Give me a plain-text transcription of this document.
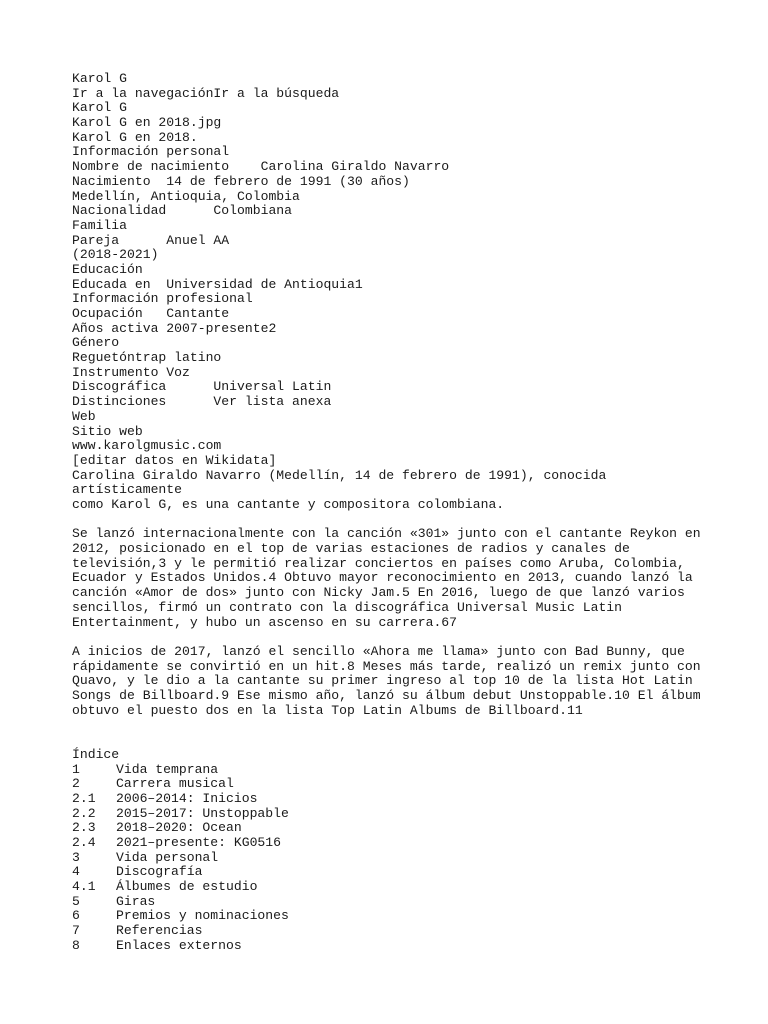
Karol G
Ir a la navegaciónIr a la búsqueda
Karol G
Karol G en 2018.jpg
Karol G en 2018.
Información personal
Nombre de nacimiento    Carolina Giraldo Navarro
Nacimiento  14 de febrero de 1991 (30 años)
Medellín, Antioquia, Colombia
Nacionalidad      Colombiana
Familia
Pareja      Anuel AA
(2018-2021)
Educación
Educada en  Universidad de Antioquia1
Información profesional
Ocupación   Cantante
Años activa 2007-presente2
Género
Reguetóntrap latino
Instrumento Voz
Discográfica      Universal Latin
Distinciones      Ver lista anexa
Web
Sitio web
www.karolgmusic.com
[editar datos en Wikidata]
Carolina Giraldo Navarro (Medellín, 14 de febrero de 1991), conocida artísticamente
como Karol G, es una cantante y compositora colombiana.
Se lanzó internacionalmente con la canción «301» junto con el cantante Reykon en
2012, posicionado en el top de varias estaciones de radios y canales de
televisión,3 y le permitió realizar conciertos en países como Aruba, Colombia,
Ecuador y Estados Unidos.4 Obtuvo mayor reconocimiento en 2013, cuando lanzó la
canción «Amor de dos» junto con Nicky Jam.5 En 2016, luego de que lanzó varios
sencillos, firmó un contrato con la discográfica Universal Music Latin
Entertainment, y hubo un ascenso en su carrera.67
A inicios de 2017, lanzó el sencillo «Ahora me llama» junto con Bad Bunny, que
rápidamente se convirtió en un hit.8 Meses más tarde, realizó un remix junto con
Quavo, y le dio a la cantante su primer ingreso al top 10 de la lista Hot Latin
Songs de Billboard.9 Ese mismo año, lanzó su álbum debut Unstoppable.10 El álbum
obtuvo el puesto dos en la lista Top Latin Albums de Billboard.11
Índice
1	Vida temprana
2	Carrera musical
2.1 2006–2014: Inicios
2.2 2015–2017: Unstoppable
2.3 2018–2020: Ocean
2.4 2021–presente: KG0516
3	Vida personal
4	Discografía
4.1 Álbumes de estudio
5	Giras
6	Premios y nominaciones
7	Referencias
8	Enlaces externos
